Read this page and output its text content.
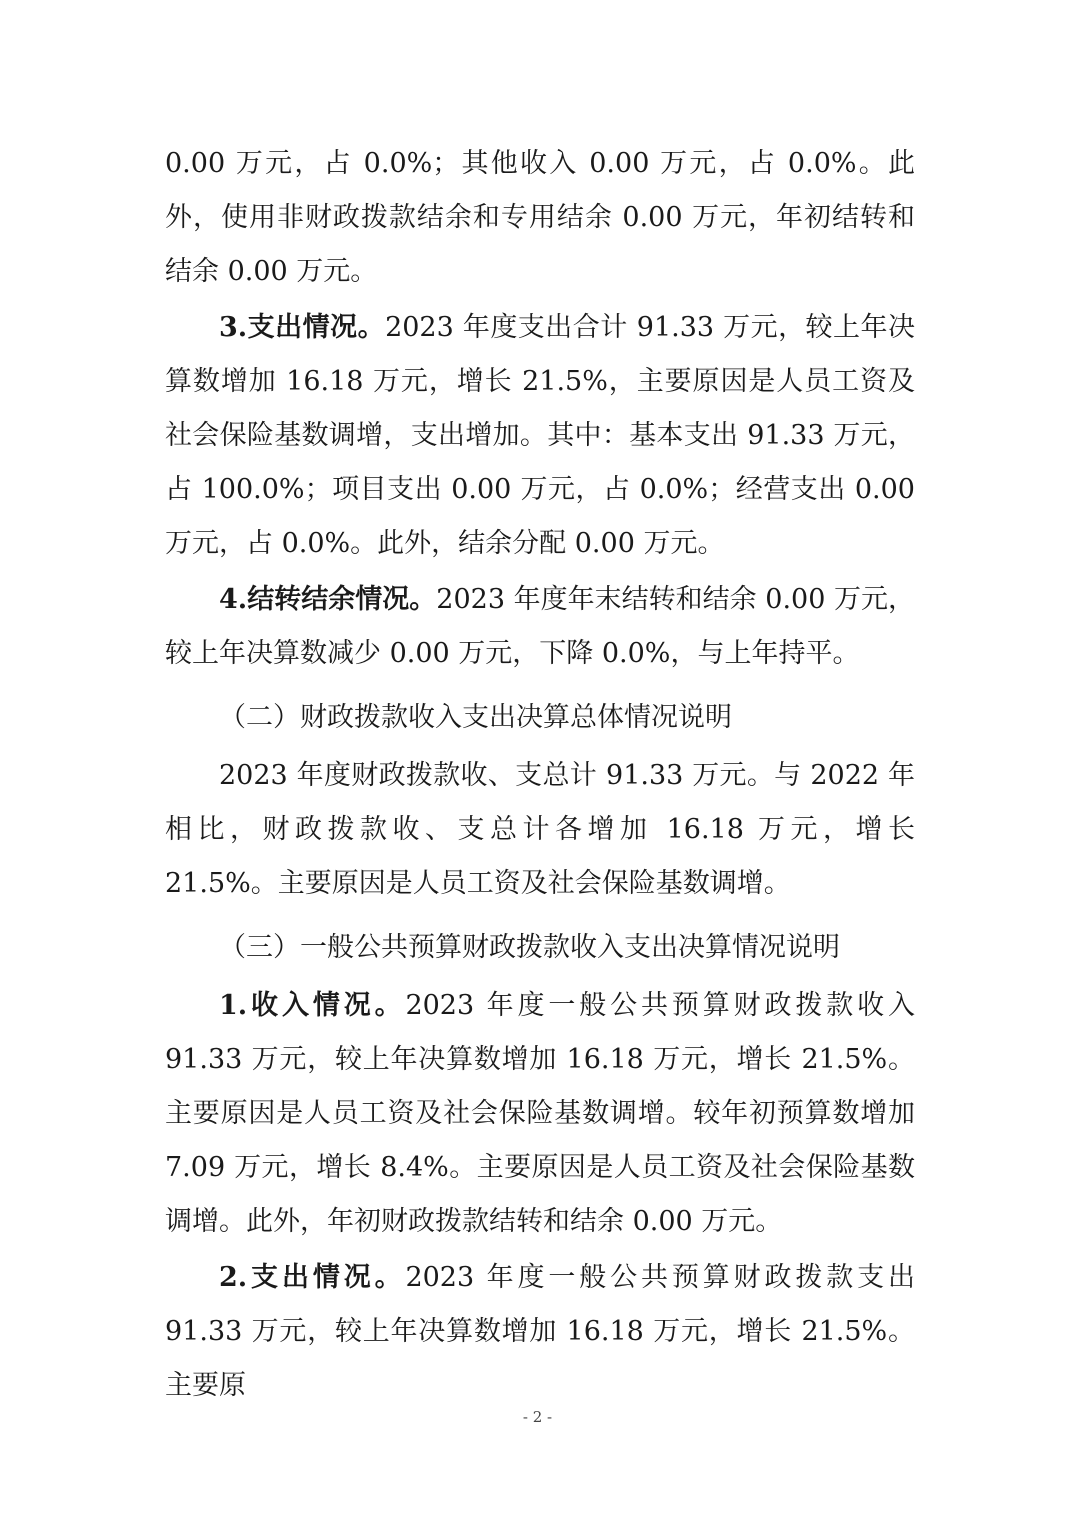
0.00 万元，占 0.0%；其他收入 0.00 万元，占 0.0%。此外，使用非财政拨款结余和专用结余 0.00 万元，年初结转和结余 0.00 万元。

3.支出情况。2023 年度支出合计 91.33 万元，较上年决算数增加 16.18 万元，增长 21.5%，主要原因是人员工资及社会保险基数调增，支出增加。其中：基本支出 91.33 万元，占 100.0%；项目支出 0.00 万元，占 0.0%；经营支出 0.00 万元，占 0.0%。此外，结余分配 0.00 万元。

4.结转结余情况。2023 年度年末结转和结余 0.00 万元，较上年决算数减少 0.00 万元，下降 0.0%，与上年持平。

（二）财政拨款收入支出决算总体情况说明

2023 年度财政拨款收、支总计 91.33 万元。与 2022 年相比，财政拨款收、支总计各增加 16.18 万元，增长 21.5%。主要原因是人员工资及社会保险基数调增。

（三）一般公共预算财政拨款收入支出决算情况说明

1.收入情况。2023 年度一般公共预算财政拨款收入 91.33 万元，较上年决算数增加 16.18 万元，增长 21.5%。主要原因是人员工资及社会保险基数调增。较年初预算数增加 7.09 万元，增长 8.4%。主要原因是人员工资及社会保险基数调增。此外，年初财政拨款结转和结余 0.00 万元。

2.支出情况。2023 年度一般公共预算财政拨款支出 91.33 万元，较上年决算数增加 16.18 万元，增长 21.5%。主要原

- 2 -
